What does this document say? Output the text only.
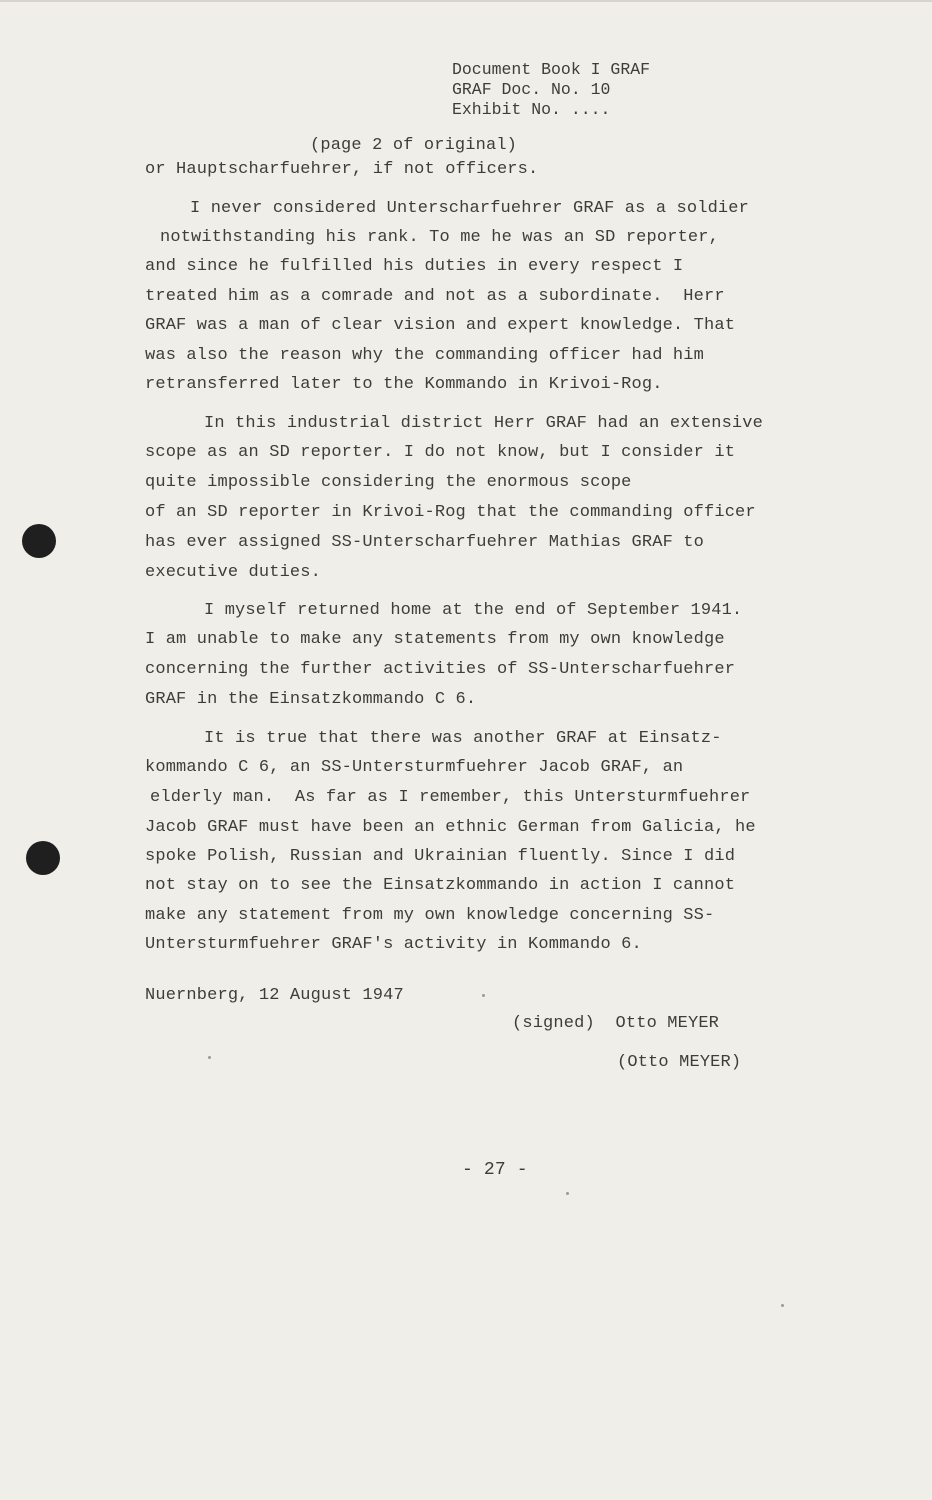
Document Book I GRAF
GRAF Doc. No. 10
Exhibit No. ....
(page 2 of original)
or Hauptscharfuehrer, if not officers.
I never considered Unterscharfuehrer GRAF as a soldier
notwithstanding his rank. To me he was an SD reporter,
and since he fulfilled his duties in every respect I
treated him as a comrade and not as a subordinate.  Herr
GRAF was a man of clear vision and expert knowledge. That
was also the reason why the commanding officer had him
retransferred later to the Kommando in Krivoi-Rog.
In this industrial district Herr GRAF had an extensive
scope as an SD reporter. I do not know, but I consider it
quite impossible considering the enormous scope
of an SD reporter in Krivoi-Rog that the commanding officer
has ever assigned SS-Unterscharfuehrer Mathias GRAF to
executive duties.
I myself returned home at the end of September 1941.
I am unable to make any statements from my own knowledge
concerning the further activities of SS-Unterscharfuehrer
GRAF in the Einsatzkommando C 6.
It is true that there was another GRAF at Einsatz-
kommando C 6, an SS-Untersturmfuehrer Jacob GRAF, an
elderly man.  As far as I remember, this Untersturmfuehrer
Jacob GRAF must have been an ethnic German from Galicia, he
spoke Polish, Russian and Ukrainian fluently. Since I did
not stay on to see the Einsatzkommando in action I cannot
make any statement from my own knowledge concerning SS-
Untersturmfuehrer GRAF's activity in Kommando 6.
Nuernberg, 12 August 1947
(signed)  Otto MEYER
(Otto MEYER)
- 27 -
